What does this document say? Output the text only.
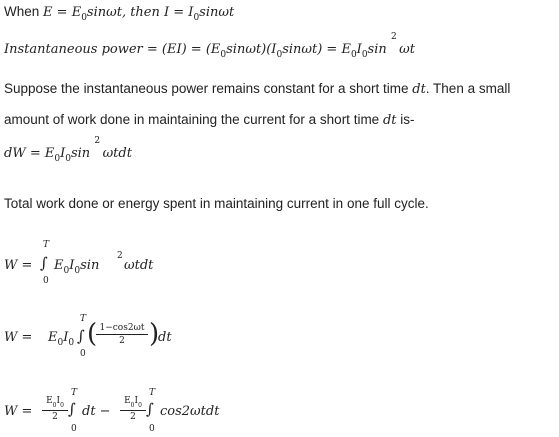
When $E = E_0\sin\omega t$, then $I = I_0\sin\omega t$
Instantaneous power = $(EI) = (E_0\sin\omega t)(I_0\sin\omega t) = E_0I_0\sin$
2
ωt
Suppose the instantaneous power remains constant for a short time dt. Then a small
amount of work done in maintaining the current for a short time dt is-
dW = $E_0I_0\sin$
2
ωtdt
Total work done or energy spent in maintaining current in one full cycle.
W =
T
∫
0
$E_0I_0\sin$
2
ωtdt
$W = E_0I_0$
T
∫
0
( 1−cos2ωt
2 )
dt
W =
$E_0I_0$
2
T
∫
0
dt −
$E_0I_0$
2
T
∫
0
cos2ωtdt
